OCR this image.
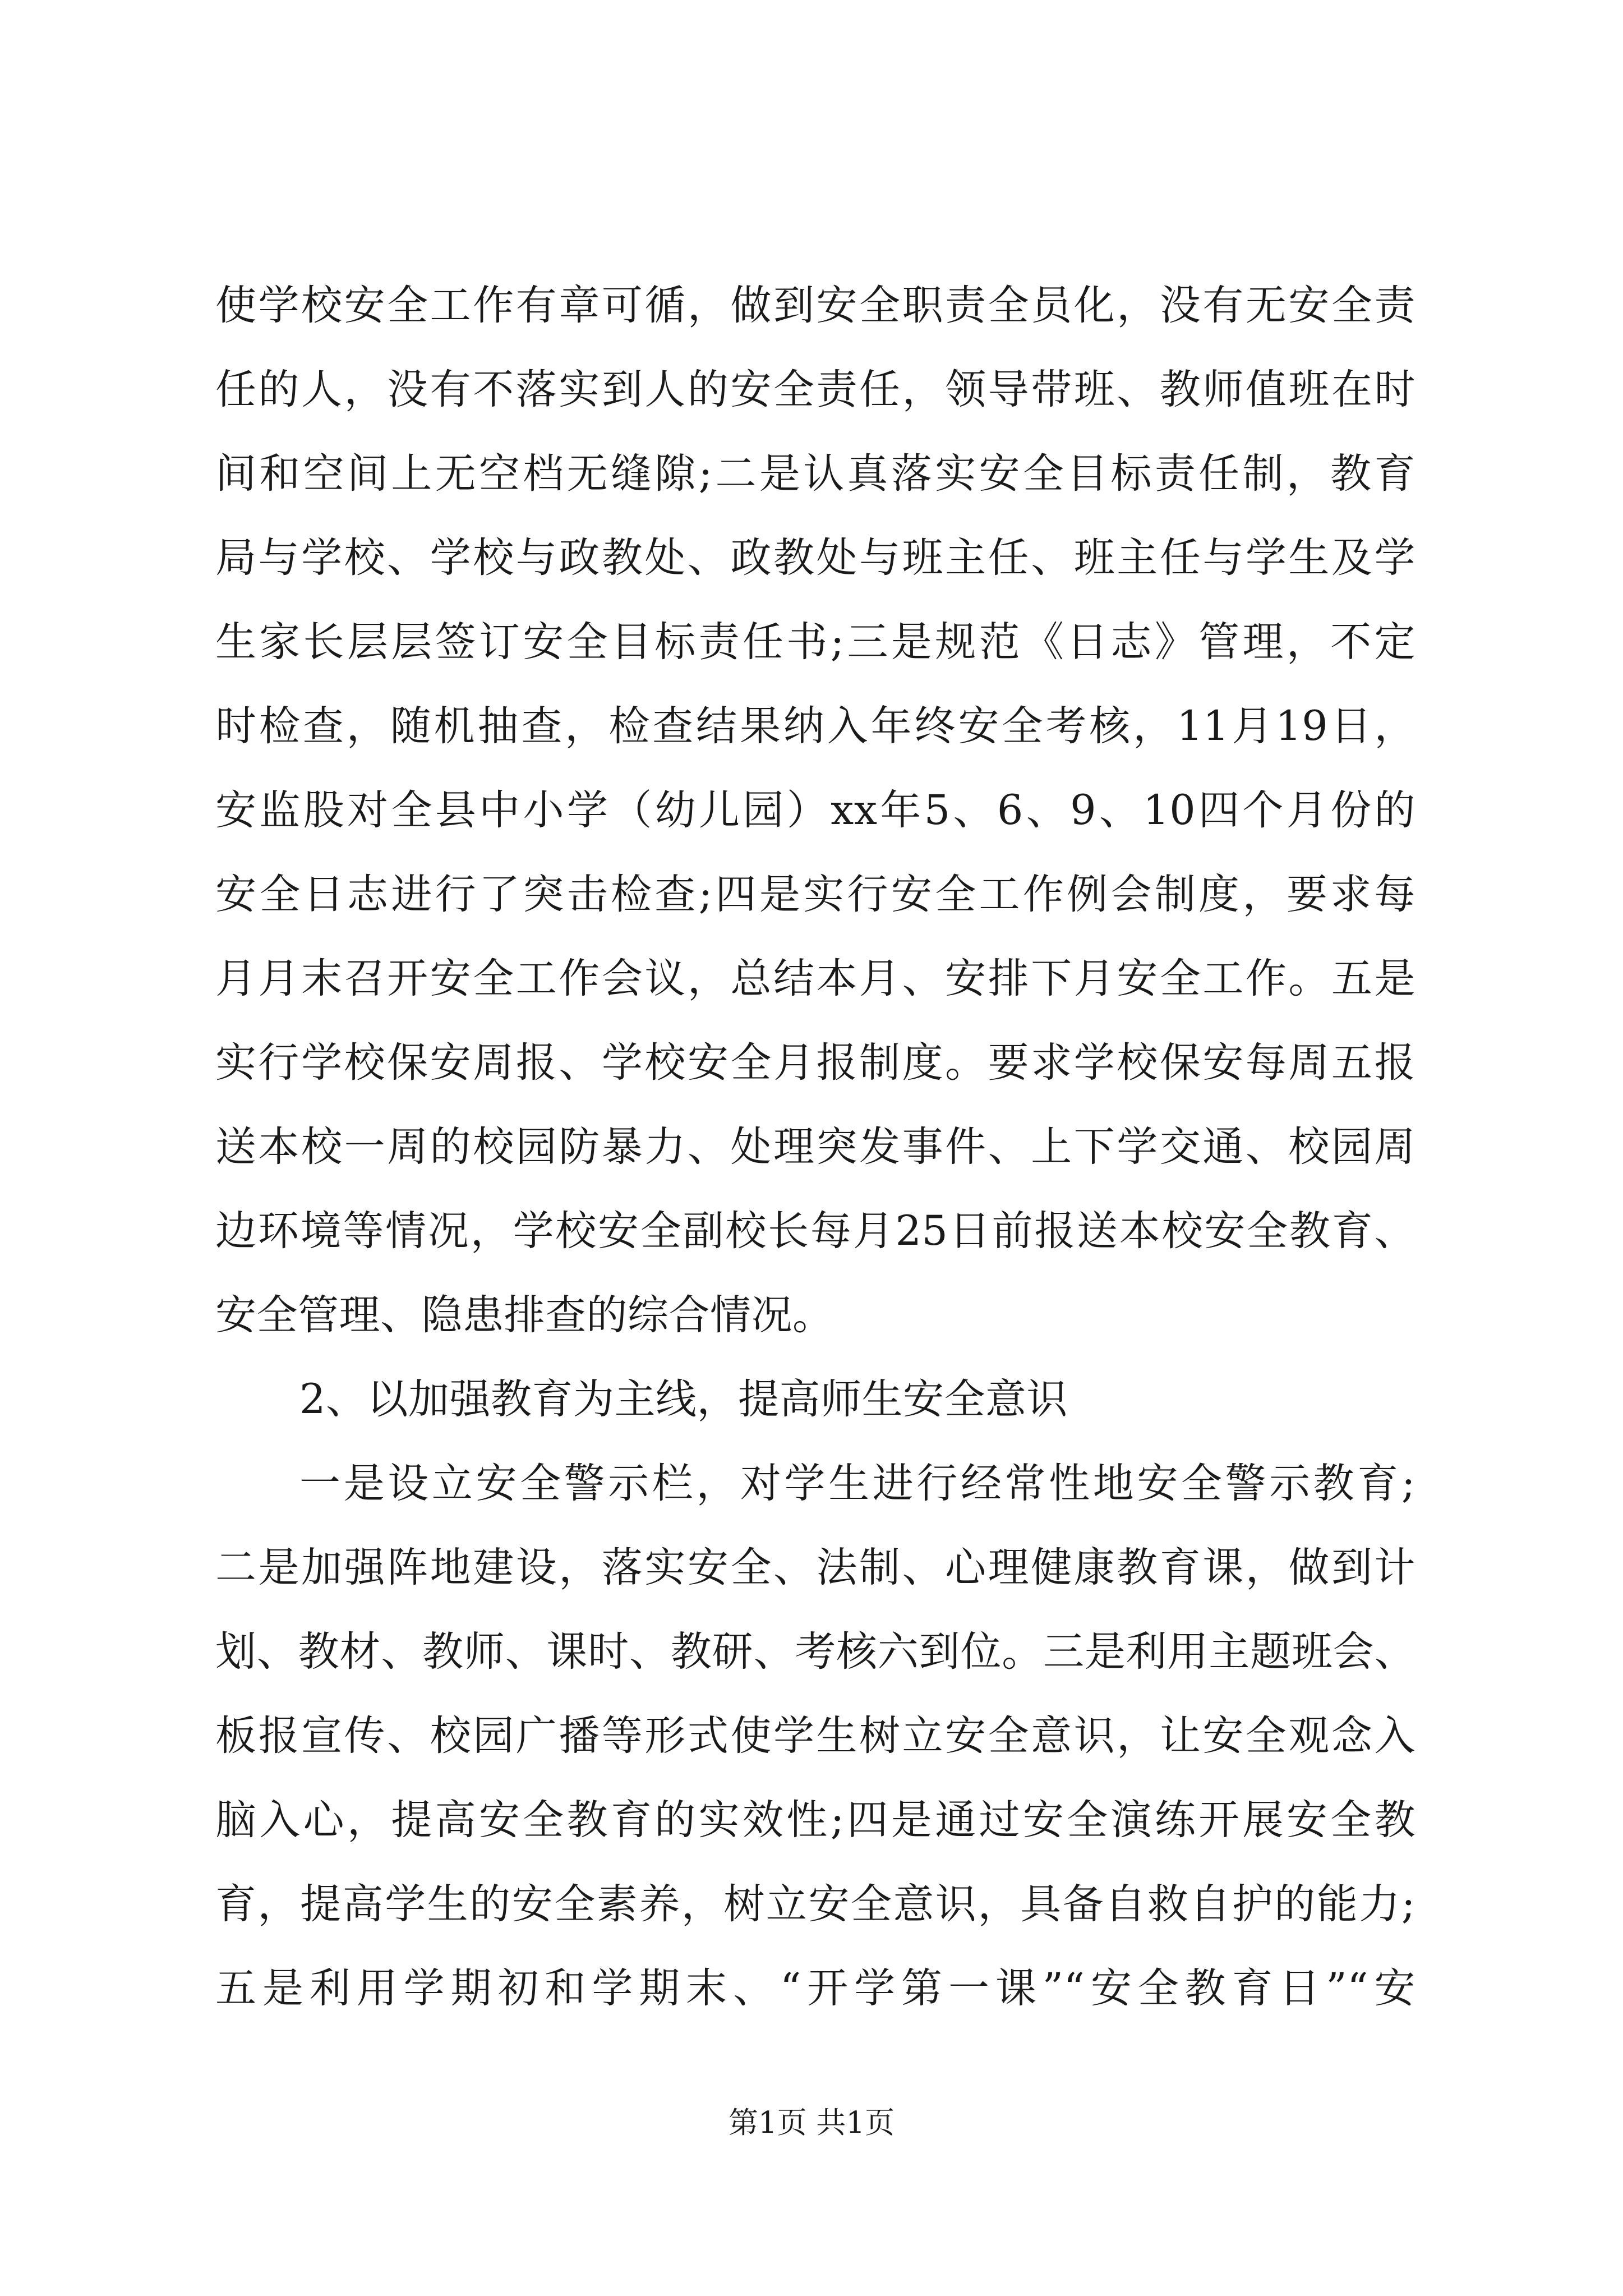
使学校安全工作有章可循，做到安全职责全员化，没有无安全责
任的人，没有不落实到人的安全责任，领导带班、教师值班在时
间和空间上无空档无缝隙;二是认真落实安全目标责任制，教育
局与学校、学校与政教处、政教处与班主任、班主任与学生及学
生家长层层签订安全目标责任书;三是规范《日志》管理，不定
时检查，随机抽查，检查结果纳入年终安全考核，11月19日，
安监股对全县中小学（幼儿园）xx年5、6、9、10四个月份的
安全日志进行了突击检查;四是实行安全工作例会制度，要求每
月月末召开安全工作会议，总结本月、安排下月安全工作。五是
实行学校保安周报、学校安全月报制度。要求学校保安每周五报
送本校一周的校园防暴力、处理突发事件、上下学交通、校园周
边环境等情况，学校安全副校长每月25日前报送本校安全教育、
安全管理、隐患排查的综合情况。
2、以加强教育为主线，提高师生安全意识
一是设立安全警示栏，对学生进行经常性地安全警示教育;
二是加强阵地建设，落实安全、法制、心理健康教育课，做到计
划、教材、教师、课时、教研、考核六到位。三是利用主题班会、
板报宣传、校园广播等形式使学生树立安全意识，让安全观念入
脑入心，提高安全教育的实效性;四是通过安全演练开展安全教
育，提高学生的安全素养，树立安全意识，具备自救自护的能力;
五是利用学期初和学期末、“开学第一课”“安全教育日”“安
第1页 共1页
